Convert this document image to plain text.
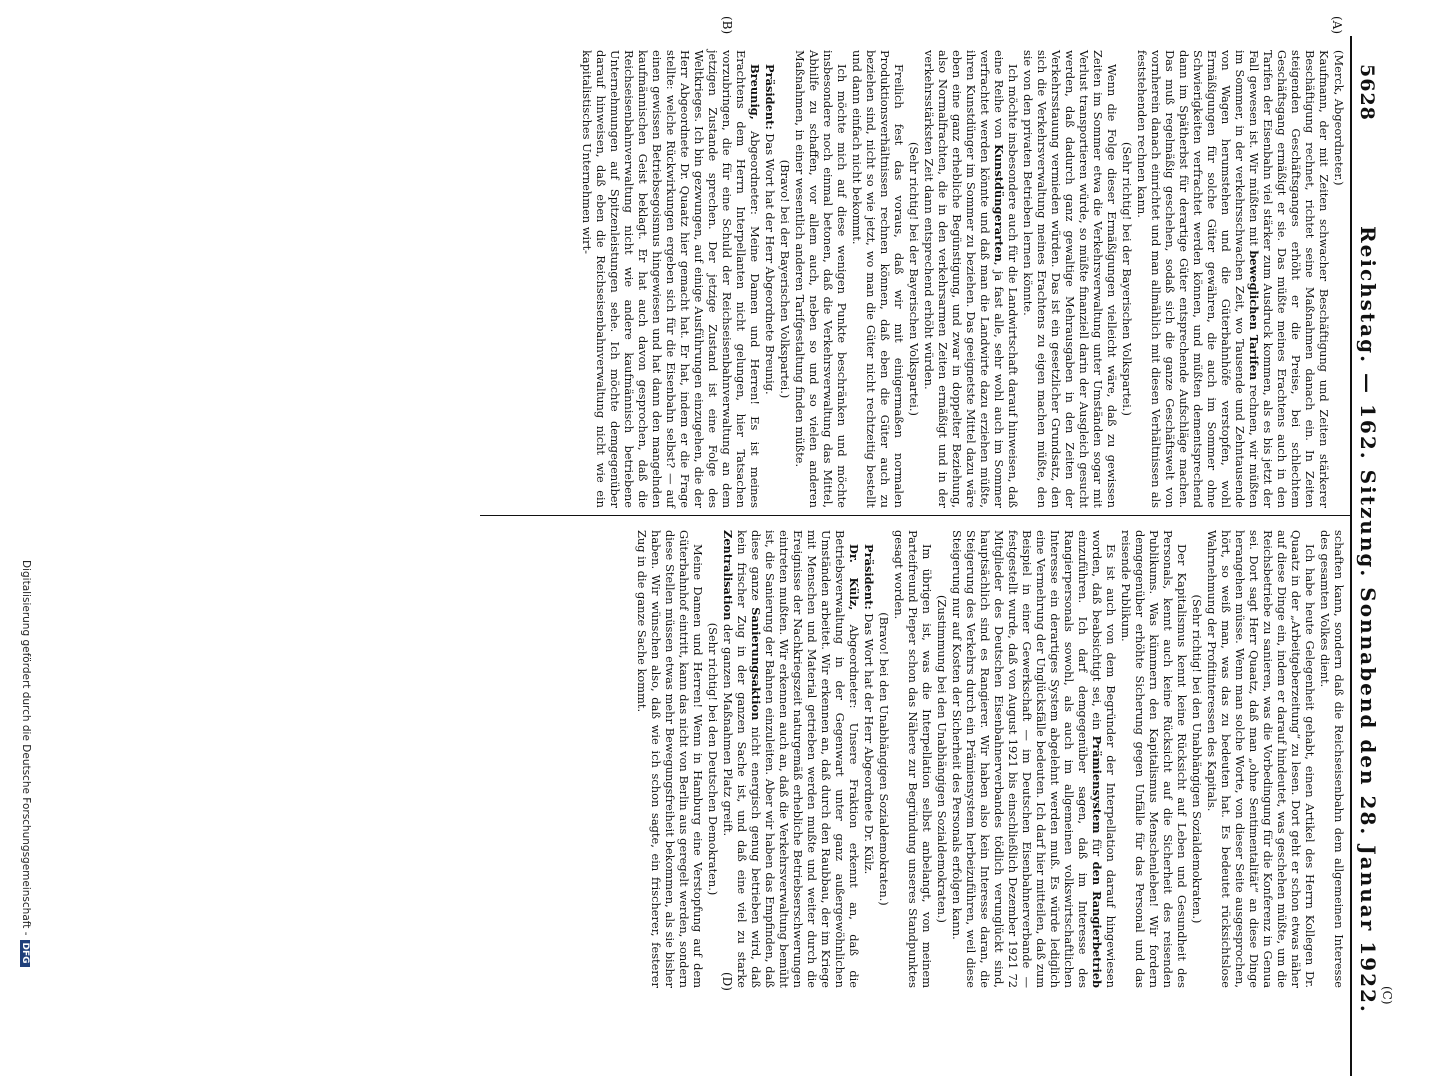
5628
Reichstag. — 162. Sitzung. Sonnabend den 28. Januar 1922.
(A)
(B)
(C)
(D)

(Merck, Abgeordneter.)

Kaufmann, der mit Zeiten schwacher Beschäftigung und Zeiten stärkerer Beschäftigung rechnet, richtet seine Maßnahmen danach ein. In Zeiten steigenden Geschäftsganges erhöht er die Preise, bei schlechtem Geschäftsgang ermäßigt er sie. Das müßte meines Erachtens auch in den Tarifen der Eisenbahn viel stärker zum Ausdruck kommen, als es bis jetzt der Fall gewesen ist. Wir müßten mit beweglichen Tarifen rechnen, wir müßten im Sommer, in der verkehrsschwachen Zeit, wo Tausende und Zehntausende von Wagen herumstehen und die Güterbahnhöfe verstopfen, wohl Ermäßigungen für solche Güter gewähren, die auch im Sommer ohne Schwierigkeiten verfrachtet werden können, und müßten dementsprechend dann im Spätherbst für derartige Güter entsprechende Aufschläge machen. Das muß regelmäßig geschehen, sodaß sich die ganze Geschäftswelt von vornherein danach einrichtet und man allmählich mit diesen Verhältnissen als feststehenden rechnen kann.

(Sehr richtig! bei der Bayerischen Volkspartei.)

Wenn die Folge dieser Ermäßigungen vielleicht wäre, daß zu gewissen Zeiten im Sommer etwa die Verkehrsverwaltung unter Umständen sogar mit Verlust transportieren würde, so müßte finanziell darin der Ausgleich gesucht werden, daß dadurch ganz gewaltige Mehrausgaben in den Zeiten der Verkehrsstauung vermieden würden. Das ist ein gesetzlicher Grundsatz, den sich die Verkehrsverwaltung meines Erachtens zu eigen machen müßte, den sie von den privaten Betrieben lernen könnte.

Ich möchte insbesondere auch für die Landwirtschaft darauf hinweisen, daß eine Reihe von Kunstdüngerarten, ja fast alle, sehr wohl auch im Sommer verfrachtet werden könnte und daß man die Landwirte dazu erziehen müßte, ihren Kunstdünger im Sommer zu beziehen. Das geeignetste Mittel dazu wäre eben eine ganz erhebliche Begünstigung, und zwar in doppelter Beziehung, also Normalfrachten, die in den verkehrsarmen Zeiten ermäßigt und in der verkehrsstärksten Zeit dann entsprechend erhöht würden.

(Sehr richtig! bei der Bayerischen Volkspartei.)

Freilich fest das voraus, daß wir mit einigermaßen normalen Produktionsverhältnissen rechnen können, daß eben die Güter auch zu beziehen sind, nicht so wie jetzt, wo man die Güter nicht rechtzeitig bestellt und dann einfach nicht bekommt.

Ich möchte mich auf diese wenigen Punkte beschränken und möchte insbesondere noch einmal betonen, daß die Verkehrsverwaltung das Mittel, Abhilfe zu schaffen, vor allem auch, neben so und so vielen anderen Maßnahmen, in einer wesentlich anderen Tarifgestaltung finden müßte.

(Bravo! bei der Bayerischen Volkspartei.)

Präsident: Das Wort hat der Herr Abgeordnete Breunig.

Breunig, Abgeordneter: Meine Damen und Herren! Es ist meines Erachtens dem Herrn Interpellanten nicht gelungen, hier Tatsachen vorzubringen, die für eine Schuld der Reichseisenbahnverwaltung an dem jetzigen Zustande sprechen. Der jetzige Zustand ist eine Folge des Weltkrieges. Ich bin gezwungen, auf einige Ausführungen einzugehen, die der Herr Abgeordnete Dr. Quaatz hier gemacht hat. Er hat, indem er die Frage stellte: welche Rückwirkungen ergeben sich für die Eisenbahn selbst? — auf einen gewissen Betriebsegoismus hingewiesen und hat dann den mangelnden kaufmännischen Geist beklagt. Er hat auch davon gesprochen, daß die Reichseisenbahnverwaltung nicht wie andere kaufmännisch betriebene Unternehmungen auf Spitzenleistungen sehe. Ich möchte demgegenüber darauf hinweisen, daß eben die Reichseisenbahnverwaltung nicht wie ein kapitalistisches Unternehmen wirt-

schaften kann, sondern daß die Reichseisenbahn dem allgemeinen Interesse des gesamten Volkes dient.

Ich habe heute Gelegenheit gehabt, einen Artikel des Herrn Kollegen Dr. Quaatz in der „Arbeitgeberzeitung“ zu lesen. Dort geht er schon etwas näher auf diese Dinge ein, indem er darauf hindeutet, was geschehen müßte, um die Reichsbetriebe zu sanieren, was die Vorbedingung für die Konferenz in Genua sei. Dort sagt Herr Quaatz, daß man „ohne Sentimentalität“ an diese Dinge herangehen müsse. Wenn man solche Worte, von dieser Seite ausgesprochen, hört, so weiß man, was das zu bedeuten hat. Es bedeutet rücksichtslose Wahrnehmung der Profitinteressen des Kapitals.

(Sehr richtig! bei den Unabhängigen Sozialdemokraten.)

Der Kapitalismus kennt keine Rücksicht auf Leben und Gesundheit des Personals, kennt auch keine Rücksicht auf die Sicherheit des reisenden Publikums. Was kümmern den Kapitalismus Menschenleben! Wir fordern demgegenüber erhöhte Sicherung gegen Unfälle für das Personal und das reisende Publikum.

Es ist auch von dem Begründer der Interpellation darauf hingewiesen worden, daß beabsichtigt sei, ein Prämiensystem für den Rangierbetrieb einzuführen. Ich darf demgegenüber sagen, daß im Interesse des Rangierpersonals sowohl, als auch im allgemeinen volkswirtschaftlichen Interesse ein derartiges System abgelehnt werden muß. Es würde lediglich eine Vermehrung der Unglücksfälle bedeuten. Ich darf hier mitteilen, daß zum Beispiel in einer Gewerkschaft — im Deutschen Eisenbahnerverbande — festgestellt wurde, daß von August 1921 bis einschließlich Dezember 1921 72 Mitglieder des Deutschen Eisenbahnerverbandes tödlich verunglückt sind, hauptsächlich sind es Rangierer. Wir haben also kein Interesse daran, die Steigerung des Verkehrs durch ein Prämiensystem herbeizuführen, weil diese Steigerung nur auf Kosten der Sicherheit des Personals erfolgen kann.

(Zustimmung bei den Unabhängigen Sozialdemokraten.)

Im übrigen ist, was die Interpellation selbst anbelangt, von meinem Parteifreund Pieper schon das Nähere zur Begründung unseres Standpunktes gesagt worden.

(Bravo! bei den Unabhängigen Sozialdemokraten.)

Präsident: Das Wort hat der Herr Abgeordnete Dr. Külz.

Dr. Külz, Abgeordneter: Unsere Fraktion erkennt an, daß die Betriebsverwaltung in der Gegenwart unter ganz außergewöhnlichen Umständen arbeitet. Wir erkennen an, daß durch den Raubbau, der im Kriege mit Menschen und Material getrieben werden mußte und weiter durch die Ereignisse der Nachkriegszeit naturgemäß erhebliche Betriebserschwerungen eintreten mußten. Wir erkennen auch an, daß die Verkehrsverwaltung bemüht ist, die Sanierung der Bahnen einzuleiten. Aber wir haben das Empfinden, daß diese ganze Sanierungsaktion nicht energisch genug betrieben wird, daß kein frischer Zug in der ganzen Sache ist, und daß eine viel zu starke Zentralisation der ganzen Maßnahmen Platz greift.

(Sehr richtig! bei den Deutschen Demokraten.)

Meine Damen und Herren! Wenn in Hamburg eine Verstopfung auf dem Güterbahnhof eintritt, kann das nicht von Berlin aus geregelt werden, sondern diese Stellen müssen etwas mehr Bewegungsfreiheit bekommen, als sie bisher haben. Wir wünschen also, daß wie ich schon sagte, ein frischerer, festerer Zug in die ganze Sache kommt.

Digitalisierung gefördert durch die Deutsche Forschungsgemeinschaft -DFG
